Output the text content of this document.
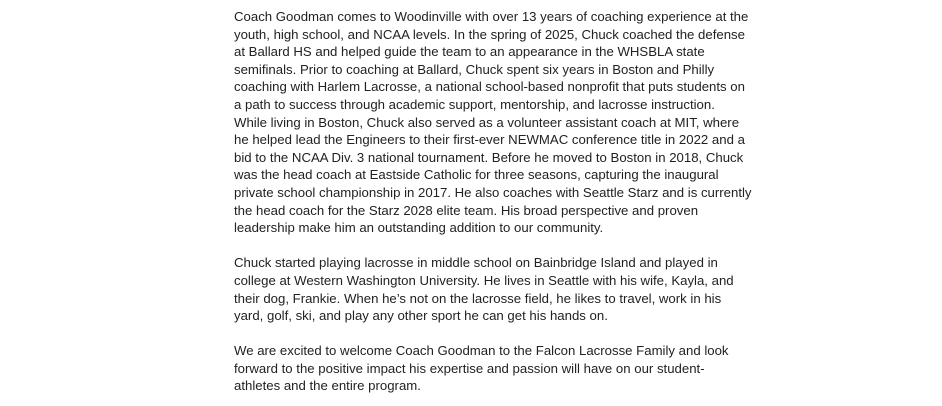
Coach Goodman comes to Woodinville with over 13 years of coaching experience at the
youth, high school, and NCAA levels. In the spring of 2025, Chuck coached the defense
at Ballard HS and helped guide the team to an appearance in the WHSBLA state
semifinals. Prior to coaching at Ballard, Chuck spent six years in Boston and Philly
coaching with Harlem Lacrosse, a national school-based nonprofit that puts students on
a path to success through academic support, mentorship, and lacrosse instruction.
While living in Boston, Chuck also served as a volunteer assistant coach at MIT, where
he helped lead the Engineers to their first-ever NEWMAC conference title in 2022 and a
bid to the NCAA Div. 3 national tournament. Before he moved to Boston in 2018, Chuck
was the head coach at Eastside Catholic for three seasons, capturing the inaugural
private school championship in 2017. He also coaches with Seattle Starz and is currently
the head coach for the Starz 2028 elite team. His broad perspective and proven
leadership make him an outstanding addition to our community.

Chuck started playing lacrosse in middle school on Bainbridge Island and played in
college at Western Washington University. He lives in Seattle with his wife, Kayla, and
their dog, Frankie. When he’s not on the lacrosse field, he likes to travel, work in his
yard, golf, ski, and play any other sport he can get his hands on.

We are excited to welcome Coach Goodman to the Falcon Lacrosse Family and look
forward to the positive impact his expertise and passion will have on our student-
athletes and the entire program.
